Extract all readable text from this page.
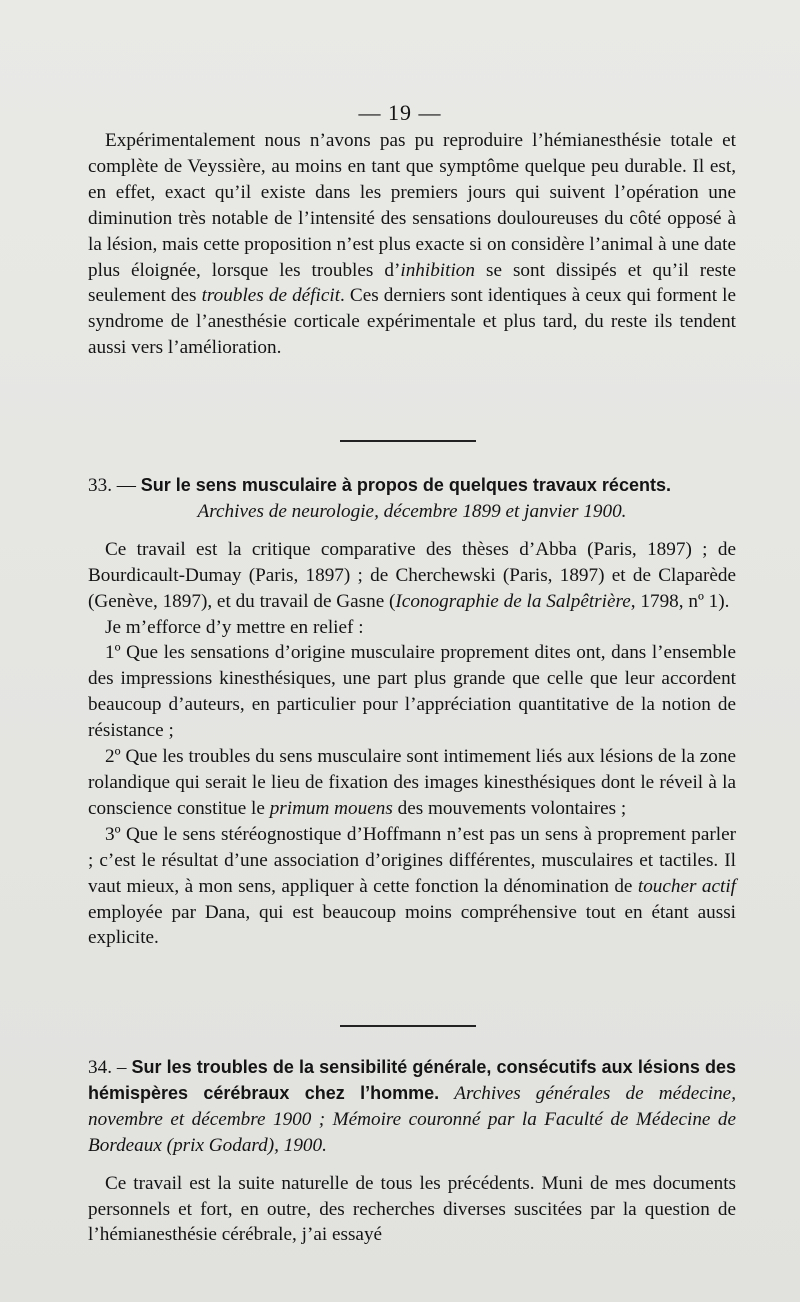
— 19 —

Expérimentalement nous n’avons pas pu reproduire l’hémianesthésie totale et complète de Veyssière, au moins en tant que symptôme quelque peu durable. Il est, en effet, exact qu’il existe dans les premiers jours qui suivent l’opération une diminution très notable de l’intensité des sensations douloureuses du côté opposé à la lésion, mais cette proposition n’est plus exacte si on considère l’animal à une date plus éloignée, lorsque les troubles d’inhibition se sont dissipés et qu’il reste seulement des troubles de déficit. Ces derniers sont identiques à ceux qui forment le syndrome de l’anesthésie corticale expérimentale et plus tard, du reste ils tendent aussi vers l’amélioration.

33. — Sur le sens musculaire à propos de quelques travaux récents.

Archives de neurologie, décembre 1899 et janvier 1900.

Ce travail est la critique comparative des thèses d’Abba (Paris, 1897) ; de Bourdicault-Dumay (Paris, 1897) ; de Cherchewski (Paris, 1897) et de Claparède (Genève, 1897), et du travail de Gasne (Iconographie de la Salpêtrière, 1798, nº 1).

Je m’efforce d’y mettre en relief :

1º Que les sensations d’origine musculaire proprement dites ont, dans l’ensemble des impressions kinesthésiques, une part plus grande que celle que leur accordent beaucoup d’auteurs, en particulier pour l’appréciation quantitative de la notion de résistance ;

2º Que les troubles du sens musculaire sont intimement liés aux lésions de la zone rolandique qui serait le lieu de fixation des images kinesthésiques dont le réveil à la conscience constitue le primum mouens des mouvements volontaires ;

3º Que le sens stéréognostique d’Hoffmann n’est pas un sens à proprement parler ; c’est le résultat d’une association d’origines différentes, musculaires et tactiles. Il vaut mieux, à mon sens, appliquer à cette fonction la dénomination de toucher actif employée par Dana, qui est beaucoup moins compréhensive tout en étant aussi explicite.

34. – Sur les troubles de la sensibilité générale, consécutifs aux lésions des hémispères cérébraux chez l’homme. Archives générales de médecine, novembre et décembre 1900 ; Mémoire couronné par la Faculté de Médecine de Bordeaux (prix Godard), 1900.

Ce travail est la suite naturelle de tous les précédents. Muni de mes documents personnels et fort, en outre, des recherches diverses suscitées par la question de l’hémianesthésie cérébrale, j’ai essayé
